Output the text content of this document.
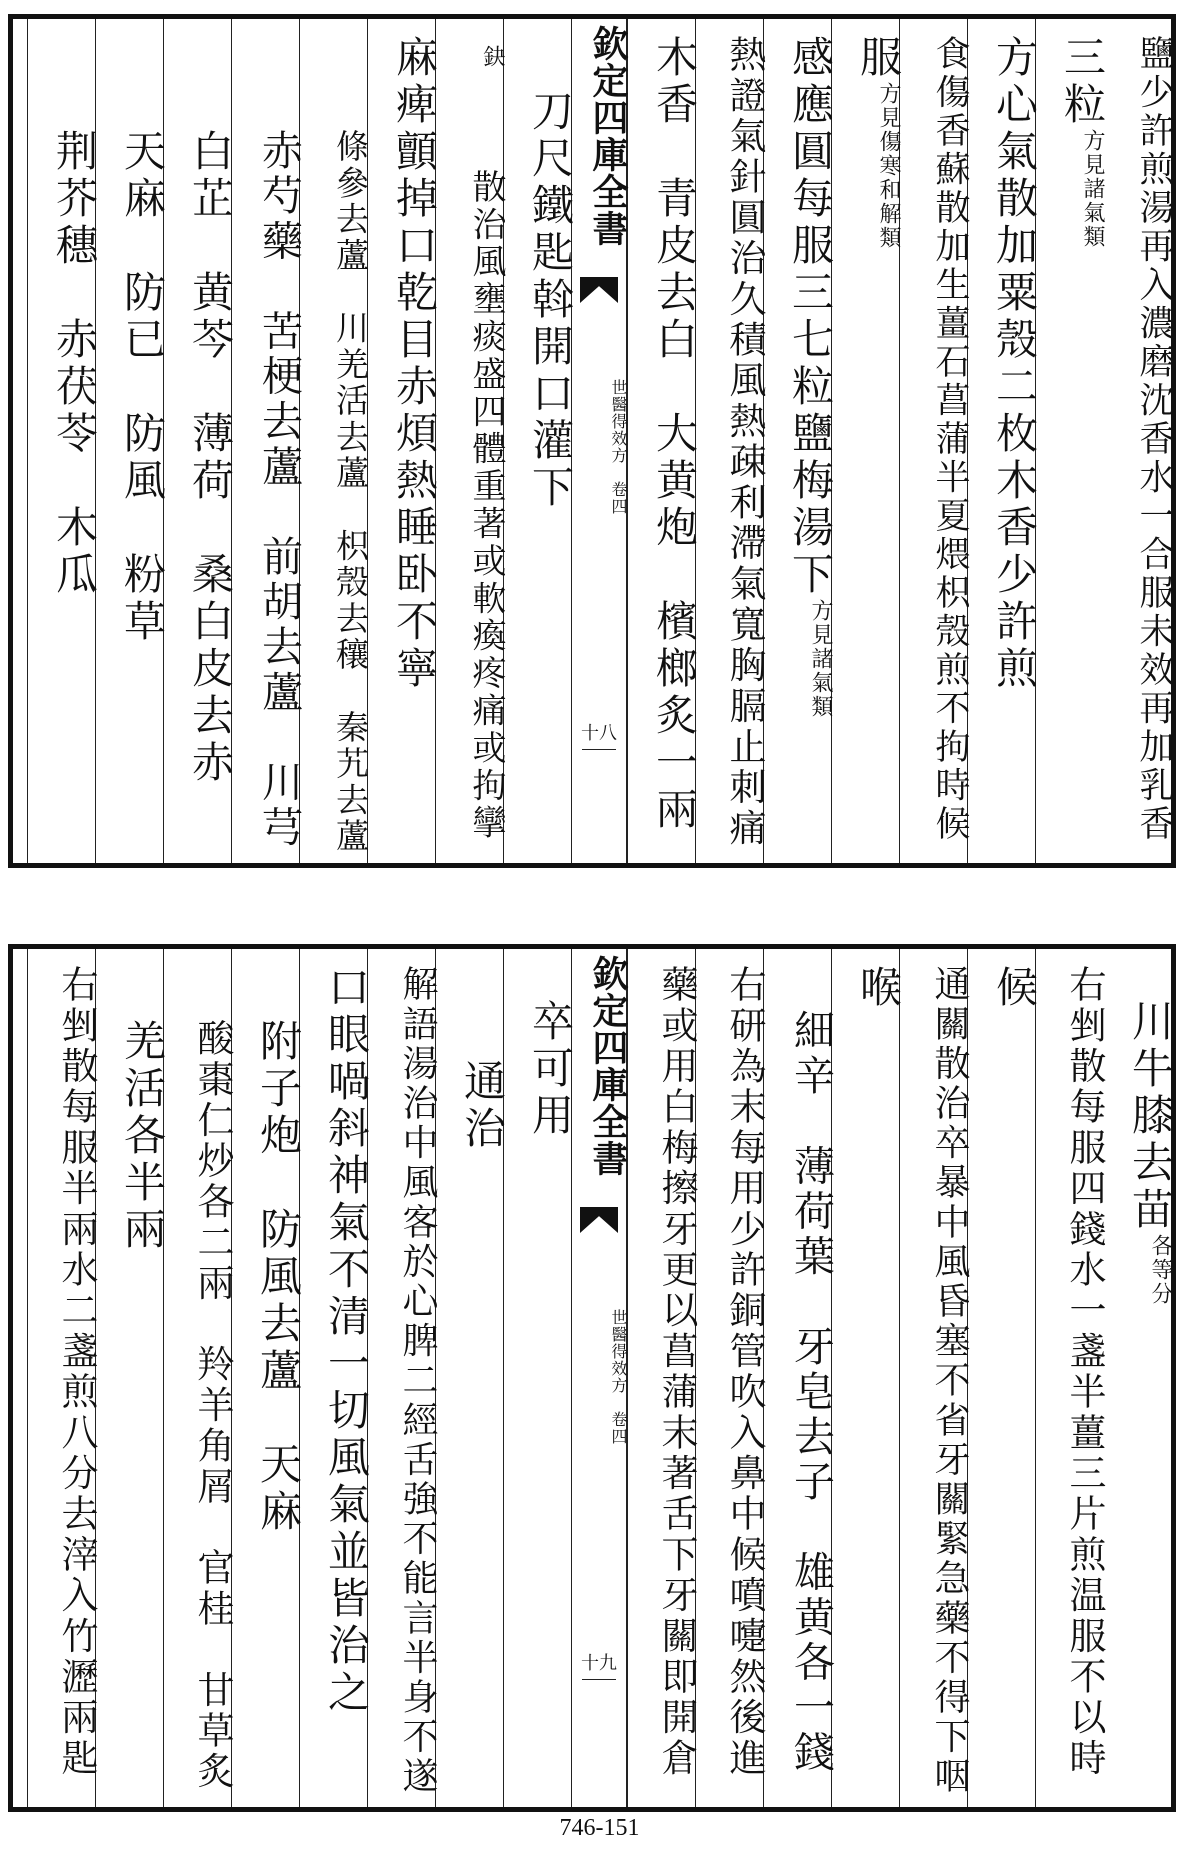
鹽少許煎湯再入濃磨沈香水一合服未效再加乳香
三粒
方見諸氣類
方心氣散加粟殼二枚木香少許煎
食傷香蘇散加生薑石菖蒲半夏煨枳殼煎不拘時候
服
方見傷寒和解類
感應圓每服三七粒鹽梅湯下
方見諸氣類
熱證氣針圓治久積風熱疎利滯氣寬胸膈止刺痛
木香　青皮去白　大黄炮　檳榔炙一兩
欽定四庫全書
世醫得效方　卷四
十八
刀尺鐵匙斡開口灌下
鈌
散治風壅痰盛四體重著或軟瘓疼痛或拘攣
麻痺顫掉口乾目赤煩熱睡卧不寧
條參去蘆　川羌活去蘆　枳殼去穰　秦艽去蘆
赤芍藥　苦梗去蘆　前胡去蘆　川芎
白芷　黄芩　薄荷　桑白皮去赤
天麻　防已　防風　粉草
荆芥穗　赤茯苓　木瓜
川牛膝去苗
各等分
右剉散每服四錢水一盞半薑三片煎温服不以時
候
通關散治卒暴中風昏塞不省牙關緊急藥不得下咽
喉
細辛　薄荷葉　牙皂去子　雄黄各一錢
右研為末每用少許銅管吹入鼻中候噴嚏然後進
藥或用白梅擦牙更以菖蒲末著舌下牙關即開倉
欽定四庫全書
世醫得效方　卷四
十九
卒可用
通治
解語湯治中風客於心脾二經舌強不能言半身不遂
口眼喎斜神氣不清一切風氣並皆治之
附子炮　防風去蘆　天麻
酸棗仁炒各二兩　羚羊角屑　官桂　甘草炙
羌活各半兩
右剉散每服半兩水二盞煎八分去滓入竹瀝兩匙
746-151
